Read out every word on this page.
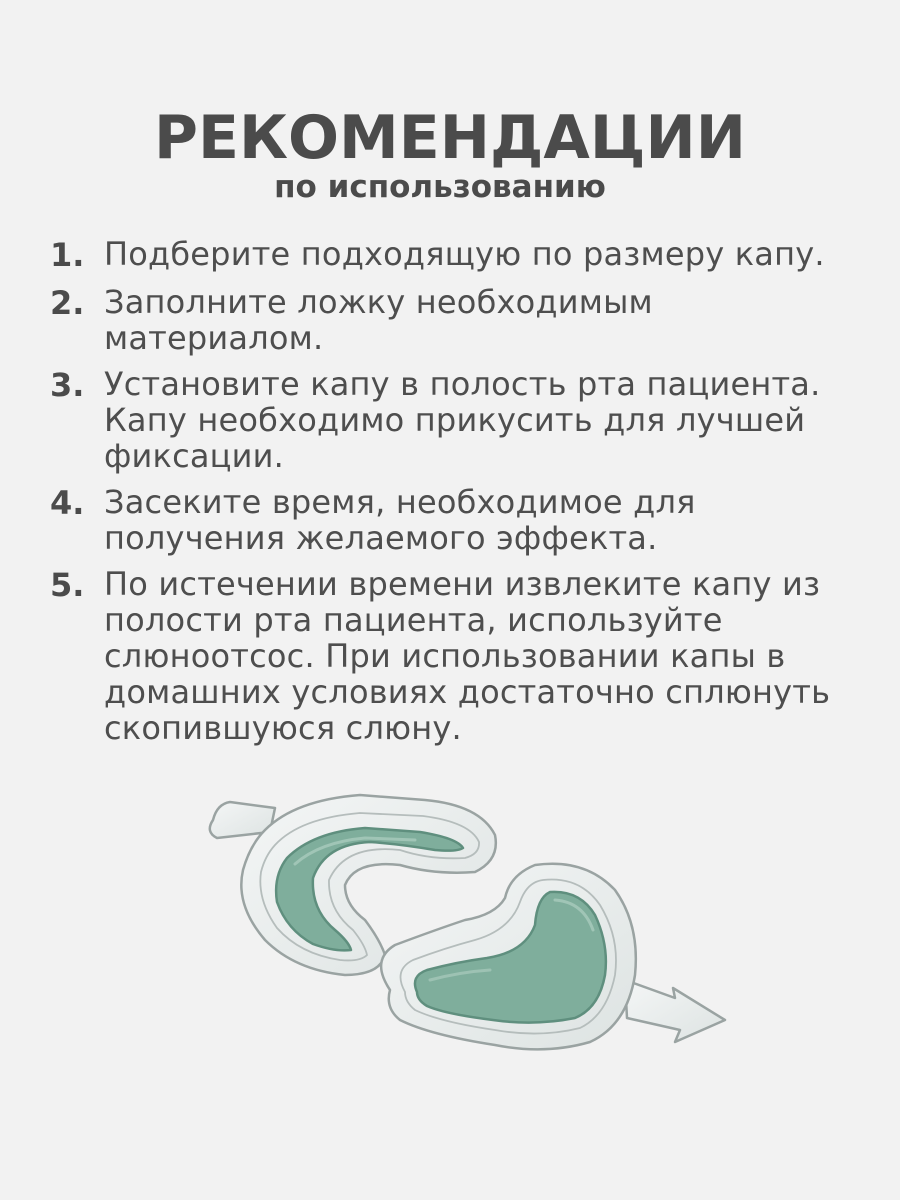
РЕКОМЕНДАЦИИ
по использованию
1. Подберите подходящую по размеру капу.
2. Заполните ложку необходимым
материалом.
3. Установите капу в полость рта пациента.
Капу необходимо прикусить для лучшей
фиксации.
4. Засеките время, необходимое для
получения желаемого эффекта.
5. По истечении времени извлеките капу из
полости рта пациента, используйте
слюноотсос. При использовании капы в
домашних условиях достаточно сплюнуть
скопившуюся слюну.
